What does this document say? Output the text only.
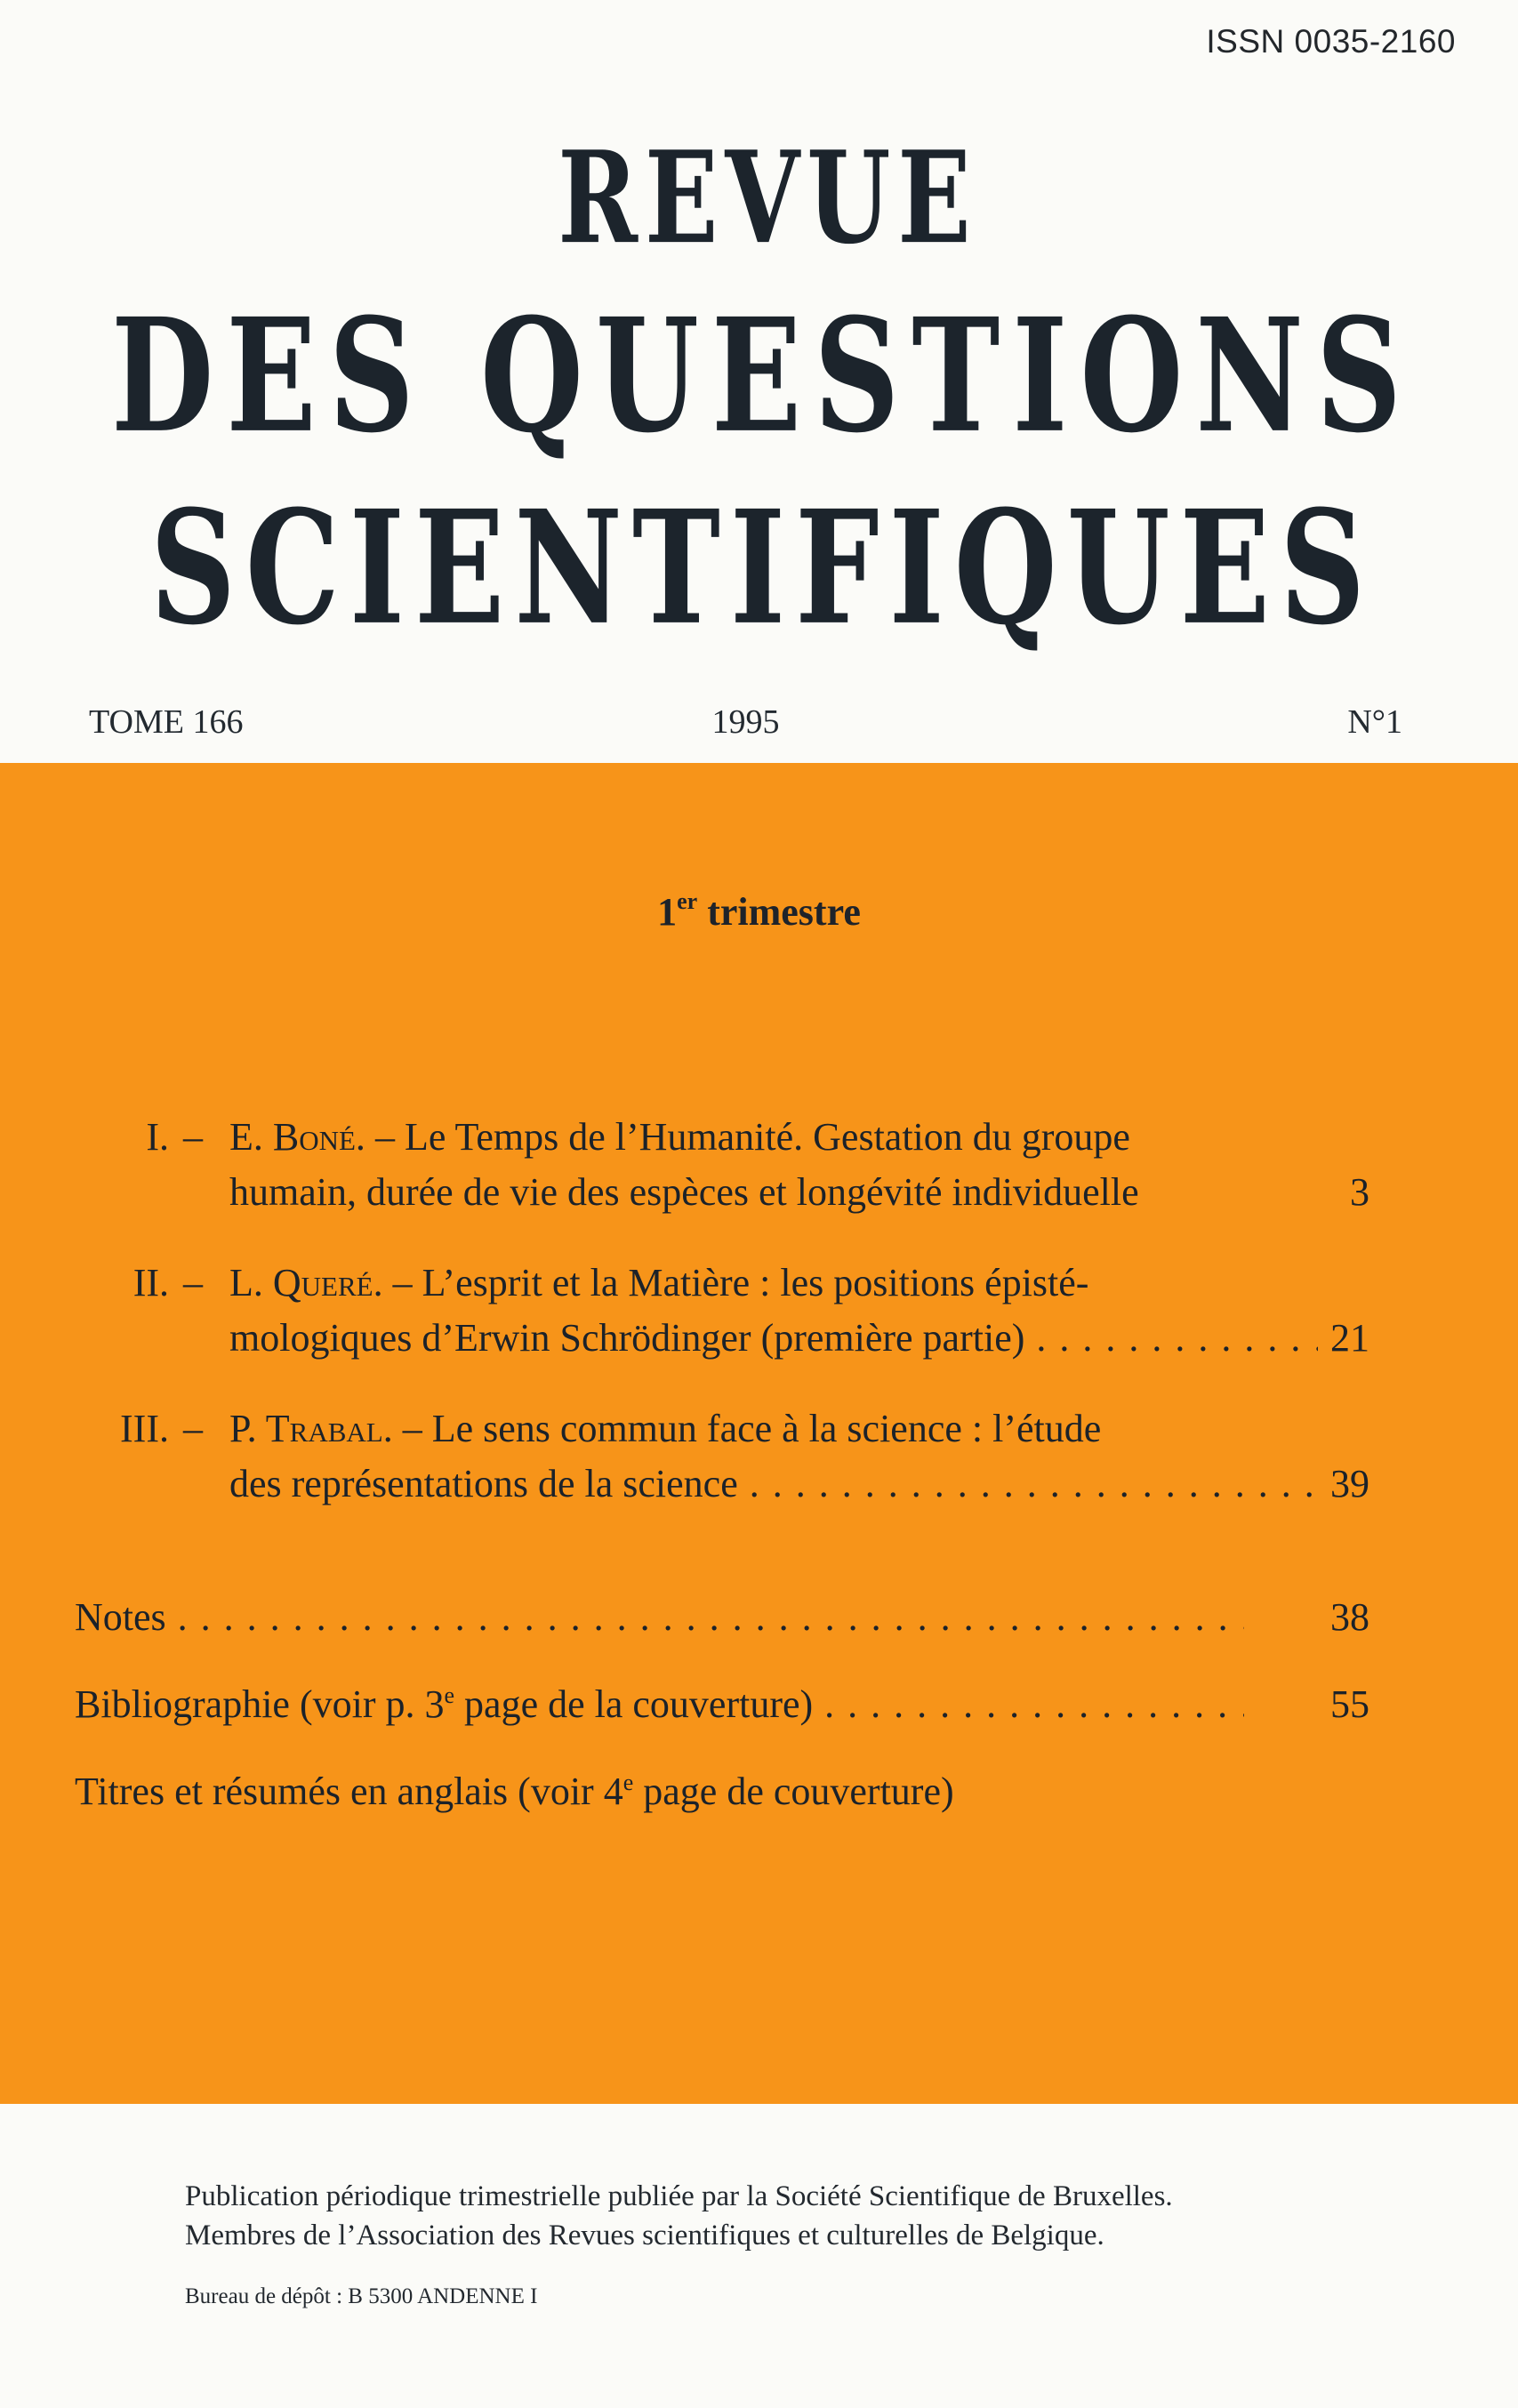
ISSN 0035-2160
REVUE
DES QUESTIONS
SCIENTIFIQUES
TOME 166	1995	N°1
1er trimestre
I. – E. Boné. – Le Temps de l’Humanité. Gestation du groupe
humain, durée de vie des espèces et longévité individuelle	3
II. – L. Queré. – L’esprit et la Matière : les positions épisté-
mologiques d’Erwin Schrödinger (première partie) . . .	21
III. – P. Trabal. – Le sens commun face à la science : l’étude
des représentations de la science . . .	39
Notes . . .	38
Bibliographie (voir p. 3e page de la couverture) . . .	55
Titres et résumés en anglais (voir 4e page de couverture)
Publication périodique trimestrielle publiée par la Société Scientifique de Bruxelles.
Membres de l’Association des Revues scientifiques et culturelles de Belgique.
Bureau de dépôt : B 5300 ANDENNE I
